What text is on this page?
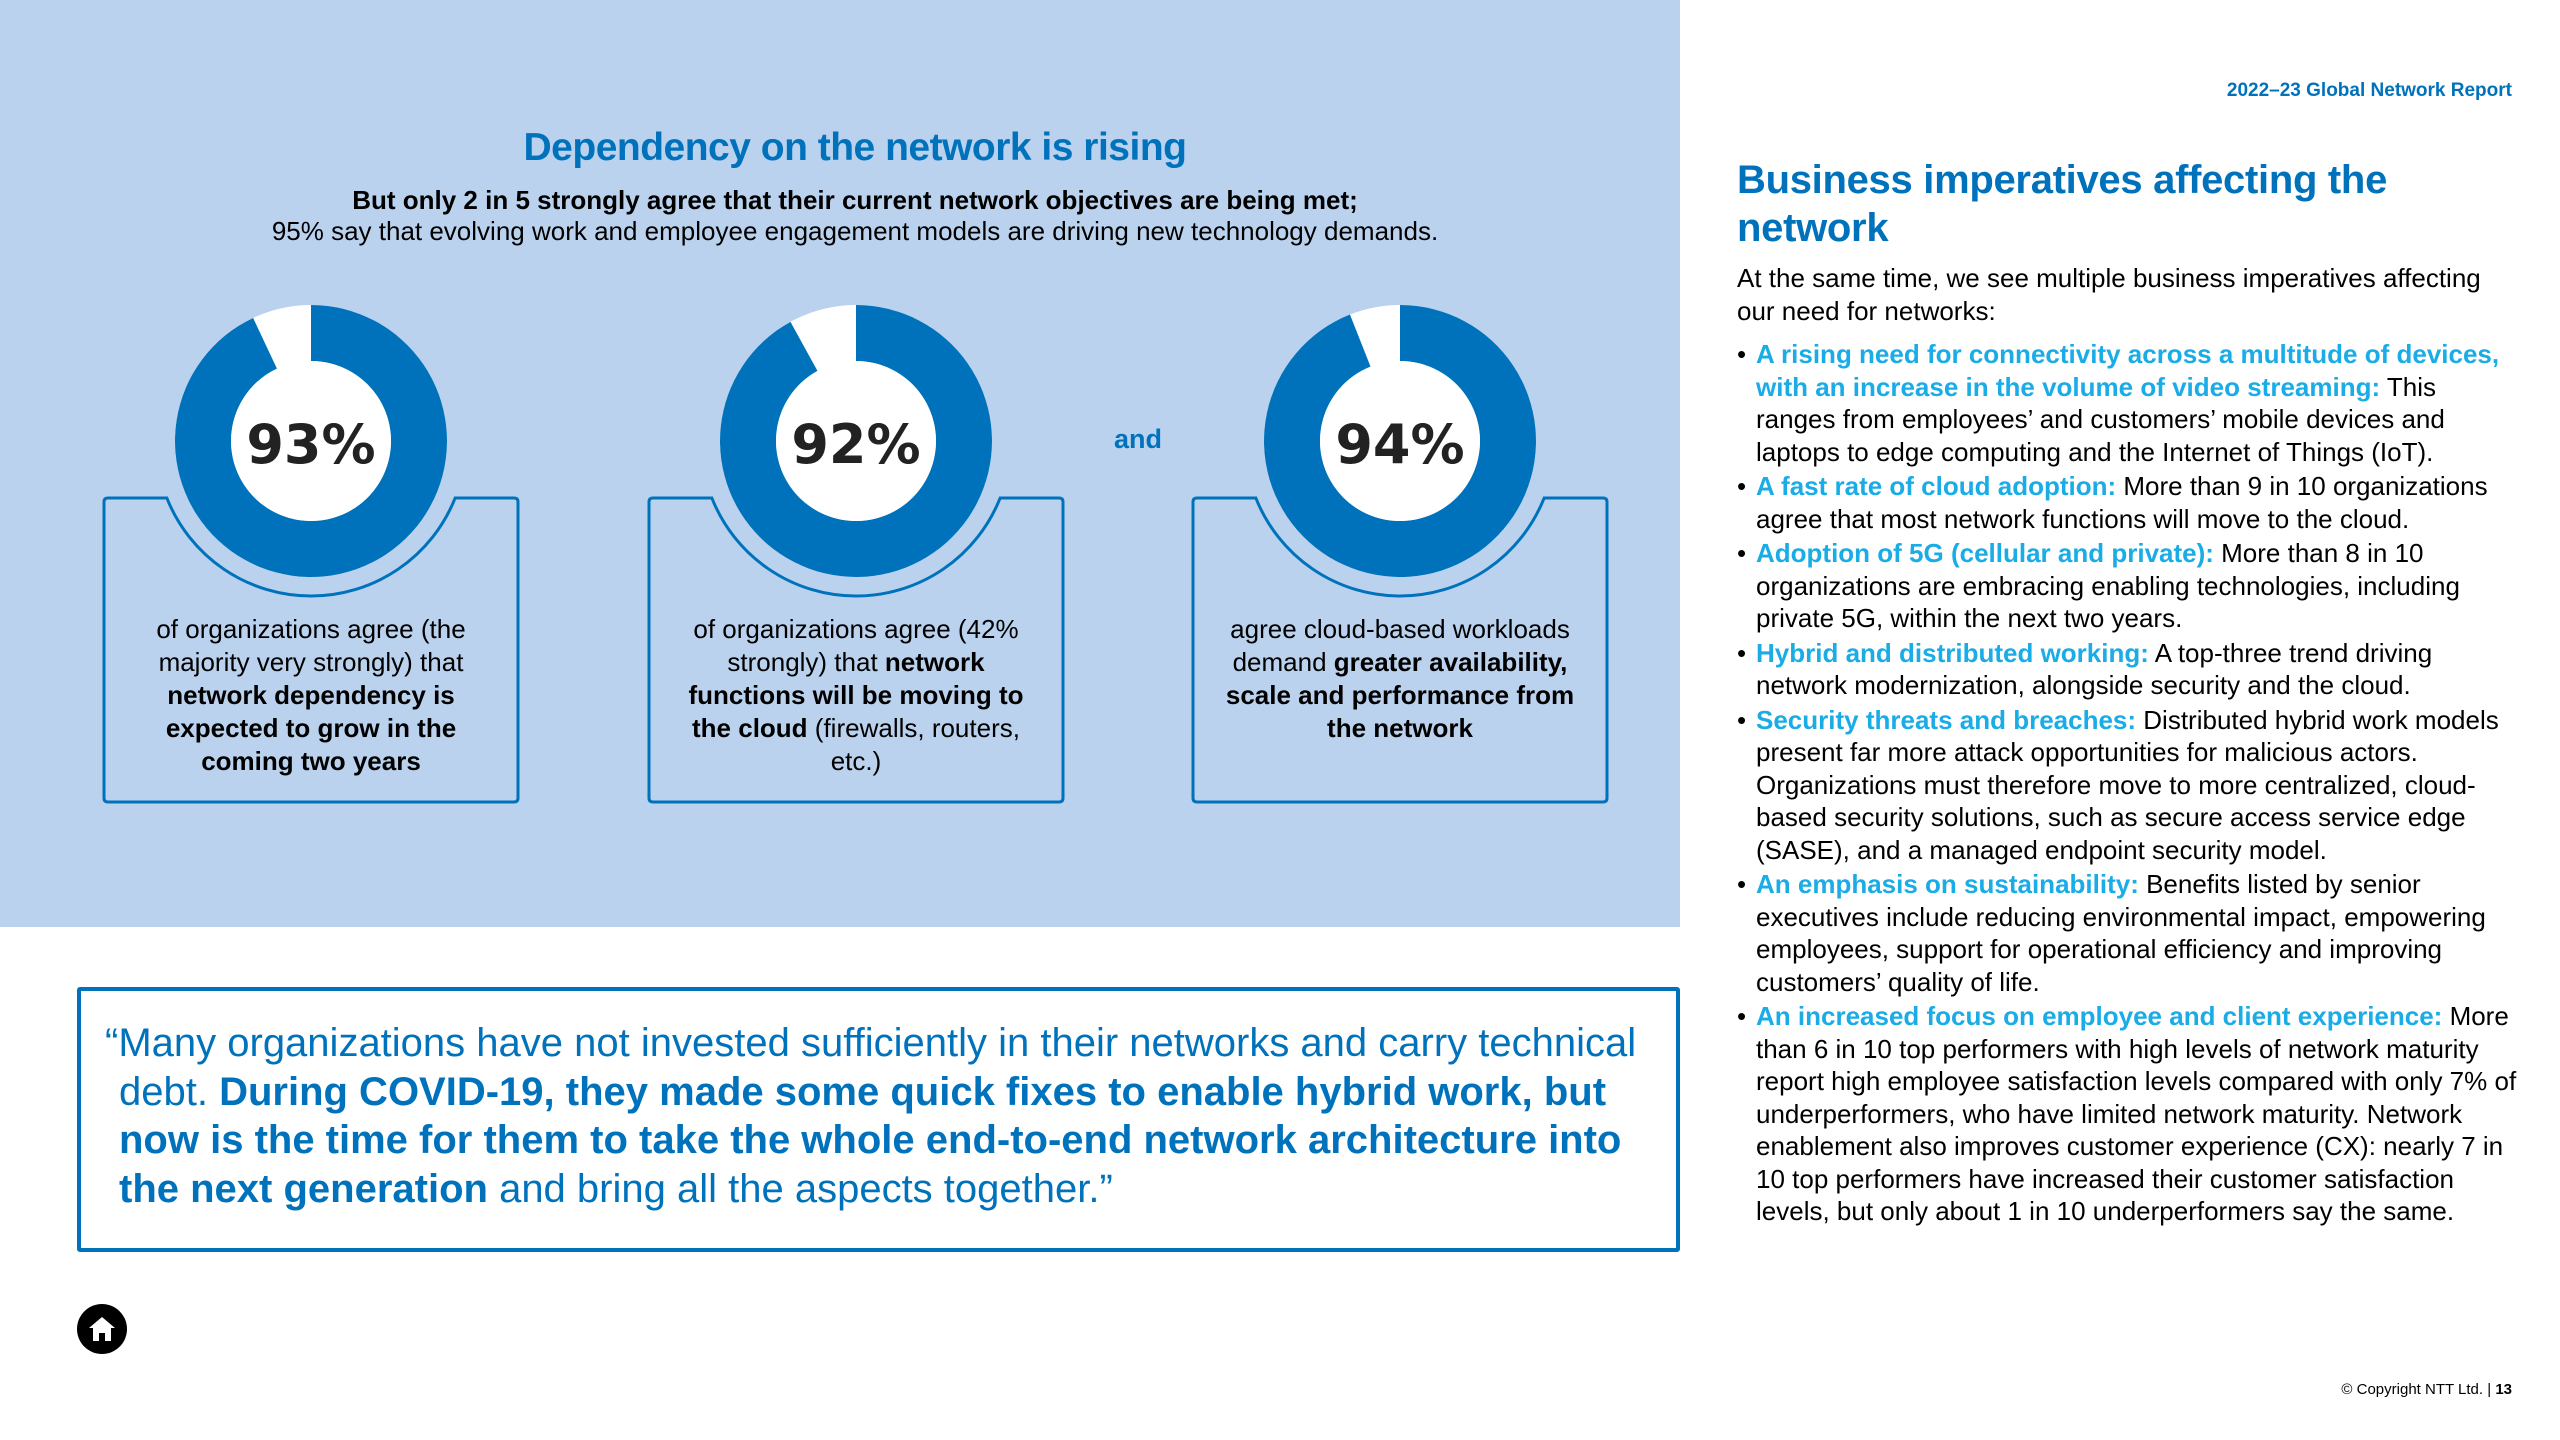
Dependency on the network is rising
But only 2 in 5 strongly agree that their current network objectives are being met;
95% say that evolving work and employee engagement models are driving new technology demands.
93%
of organizations agree (the majority very strongly) that network dependency is expected to grow in the coming two years
92%
of organizations agree (42% strongly) that network functions will be moving to the cloud (firewalls, routers, etc.)
and	94%
agree cloud-based workloads demand greater availability, scale and performance from the network
“Many organizations have not invested sufficiently in their networks and carry technical
debt. During COVID-19, they made some quick fixes to enable hybrid work, but now is the time for them to take the whole end-to-end network architecture into the next generation and bring all the aspects together.”
2022–23 Global Network Report
Business imperatives affecting the network
At the same time, we see multiple business imperatives affecting our need for networks:
• A rising need for connectivity across a multitude of devices, with an increase in the volume of video streaming: This ranges from employees’ and customers’ mobile devices and laptops to edge computing and the Internet of Things (IoT).
• A fast rate of cloud adoption: More than 9 in 10 organizations agree that most network functions will move to the cloud.
• Adoption of 5G (cellular and private): More than 8 in 10 organizations are embracing enabling technologies, including private 5G, within the next two years.
• Hybrid and distributed working: A top-three trend driving network modernization, alongside security and the cloud.
• Security threats and breaches: Distributed hybrid work models present far more attack opportunities for malicious actors. Organizations must therefore move to more centralized, cloud-based security solutions, such as secure access service edge (SASE), and a managed endpoint security model.
• An emphasis on sustainability: Benefits listed by senior executives include reducing environmental impact, empowering employees, support for operational efficiency and improving customers’ quality of life.
• An increased focus on employee and client experience: More than 6 in 10 top performers with high levels of network maturity report high employee satisfaction levels compared with only 7% of underperformers, who have limited network maturity. Network enablement also improves customer experience (CX): nearly 7 in 10 top performers have increased their customer satisfaction levels, but only about 1 in 10 underperformers say the same.
© Copyright NTT Ltd. | 13
